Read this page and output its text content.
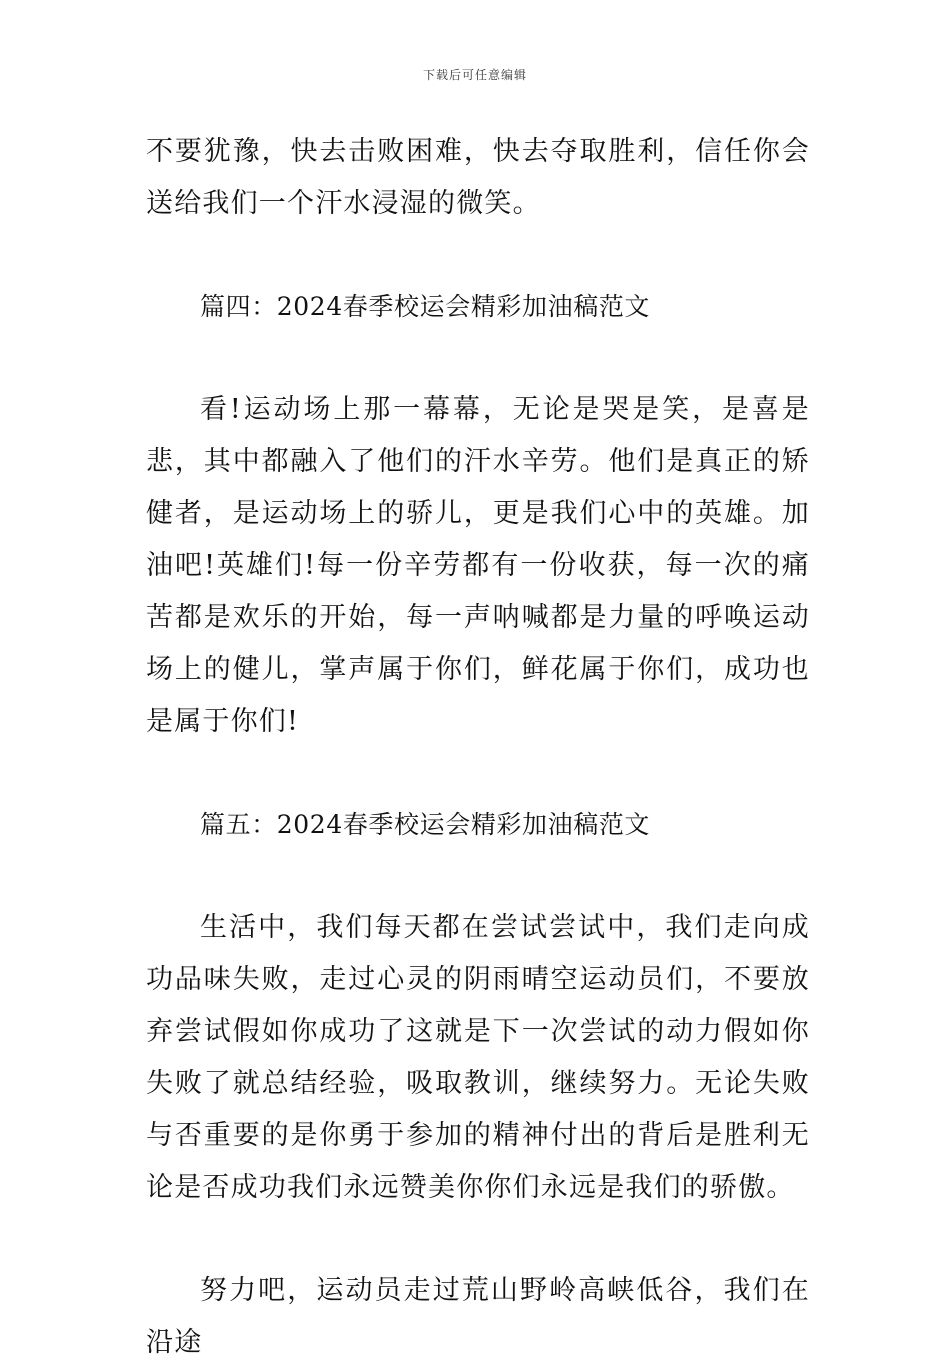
下载后可任意编辑

不要犹豫，快去击败困难，快去夺取胜利，信任你会送给我们一个汗水浸湿的微笑。

篇四：2024春季校运会精彩加油稿范文

看!运动场上那一幕幕，无论是哭是笑，是喜是悲，其中都融入了他们的汗水辛劳。他们是真正的矫健者，是运动场上的骄儿，更是我们心中的英雄。加油吧!英雄们!每一份辛劳都有一份收获，每一次的痛苦都是欢乐的开始，每一声呐喊都是力量的呼唤运动场上的健儿，掌声属于你们，鲜花属于你们，成功也是属于你们!

篇五：2024春季校运会精彩加油稿范文

生活中，我们每天都在尝试尝试中，我们走向成功品味失败，走过心灵的阴雨晴空运动员们，不要放弃尝试假如你成功了这就是下一次尝试的动力假如你失败了就总结经验，吸取教训，继续努力。无论失败与否重要的是你勇于参加的精神付出的背后是胜利无论是否成功我们永远赞美你你们永远是我们的骄傲。

努力吧，运动员走过荒山野岭高峡低谷，我们在沿途
